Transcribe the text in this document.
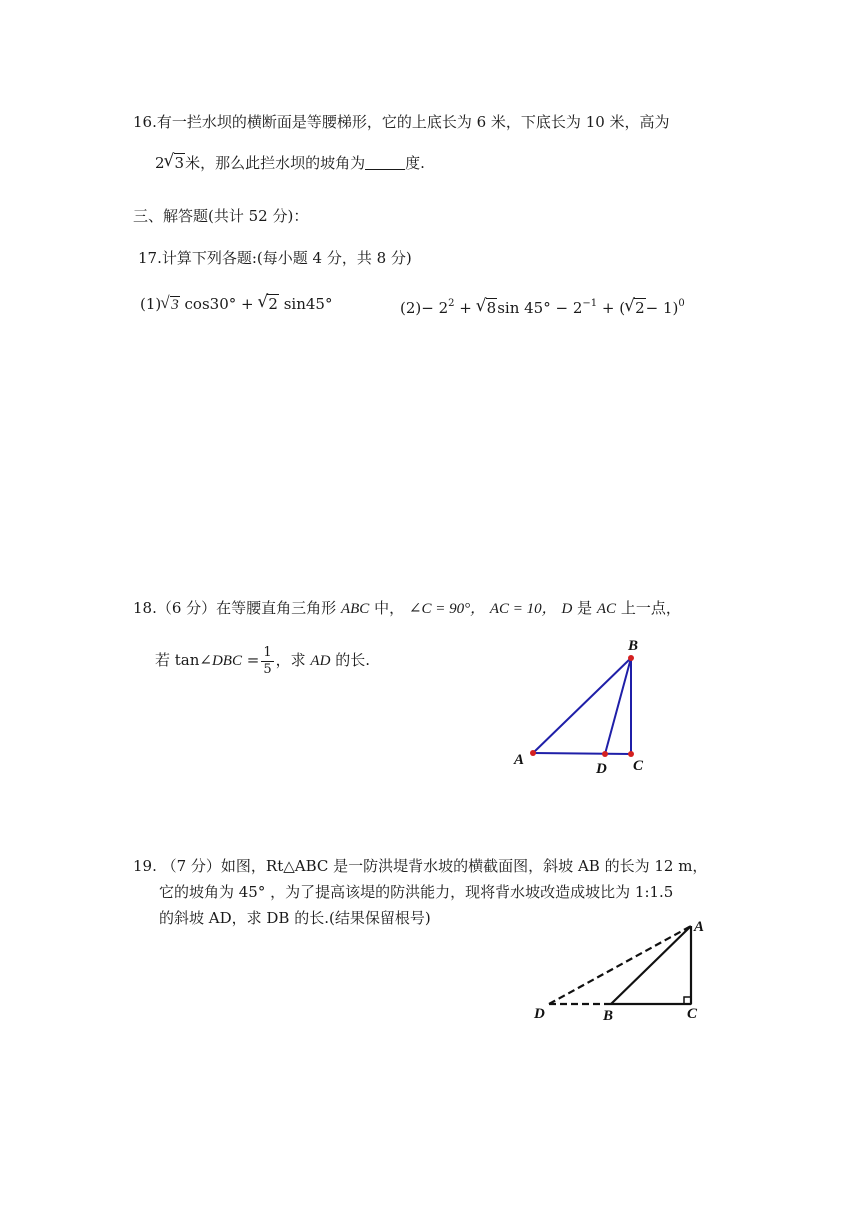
16.有一拦水坝的横断面是等腰梯形，它的上底长为 6 米，下底长为 10 米，高为
2 √ 3米，那么此拦水坝的坡角为	度.
三、解答题(共计 52 分)：
17.计算下列各题:(每小题 4 分，共 8 分)
(1) √ 3 cos30° + √ 2 sin45°	$(2)- 2^2$ + √ 8sin $45^\circ - 2^{-1}$ + ( √ 2− 1)$^0$
18.（6 分）在等腰直角三角形 ABC 中， ∠C = 90°， AC = 10， D 是 AC 上一点，
若 tan∠DBC = $\frac{1}{5}$ ，求 AD 的长.
A
B
C
D
19. （7 分）如图，Rt△ABC 是一防洪堤背水坡的横截面图，斜坡 AB 的长为 12 m，
它的坡角为 45° ，为了提高该堤的防洪能力，现将背水坡改造成坡比为 1:1.5
的斜坡 AD，求 DB 的长.(结果保留根号)	A
B	C
D
